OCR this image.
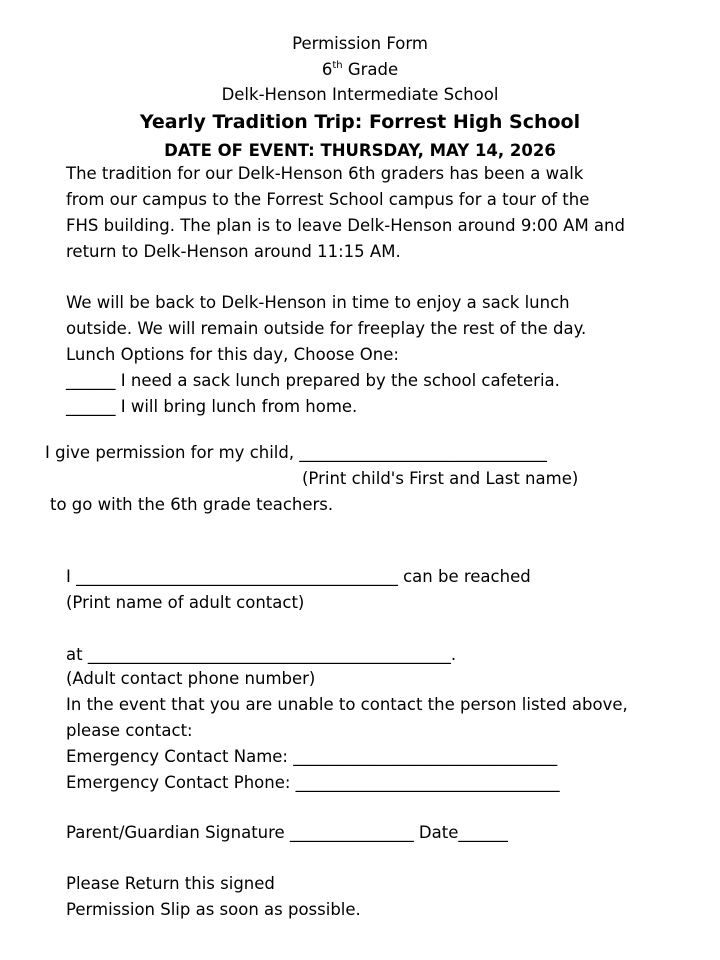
Permission Form
6th Grade
Delk-Henson Intermediate School
Yearly Tradition Trip: Forrest High School
DATE OF EVENT: THURSDAY, MAY 14, 2026
The tradition for our Delk-Henson 6th graders has been a walk
from our campus to the Forrest School campus for a tour of the
FHS building. The plan is to leave Delk-Henson around 9:00 AM and
return to Delk-Henson around 11:15 AM.
We will be back to Delk-Henson in time to enjoy a sack lunch
outside. We will remain outside for freeplay the rest of the day.
Lunch Options for this day, Choose One:
______ I need a sack lunch prepared by the school cafeteria.
______ I will bring lunch from home.
I give permission for my child, ______________________________
(Print child's First and Last name)
to go with the 6th grade teachers.
I _______________________________________ can be reached
(Print name of adult contact)
at ____________________________________________.
(Adult contact phone number)
In the event that you are unable to contact the person listed above,
please contact:
Emergency Contact Name: ________________________________
Emergency Contact Phone: ________________________________
Parent/Guardian Signature _______________ Date______
Please Return this signed
Permission Slip as soon as possible.
